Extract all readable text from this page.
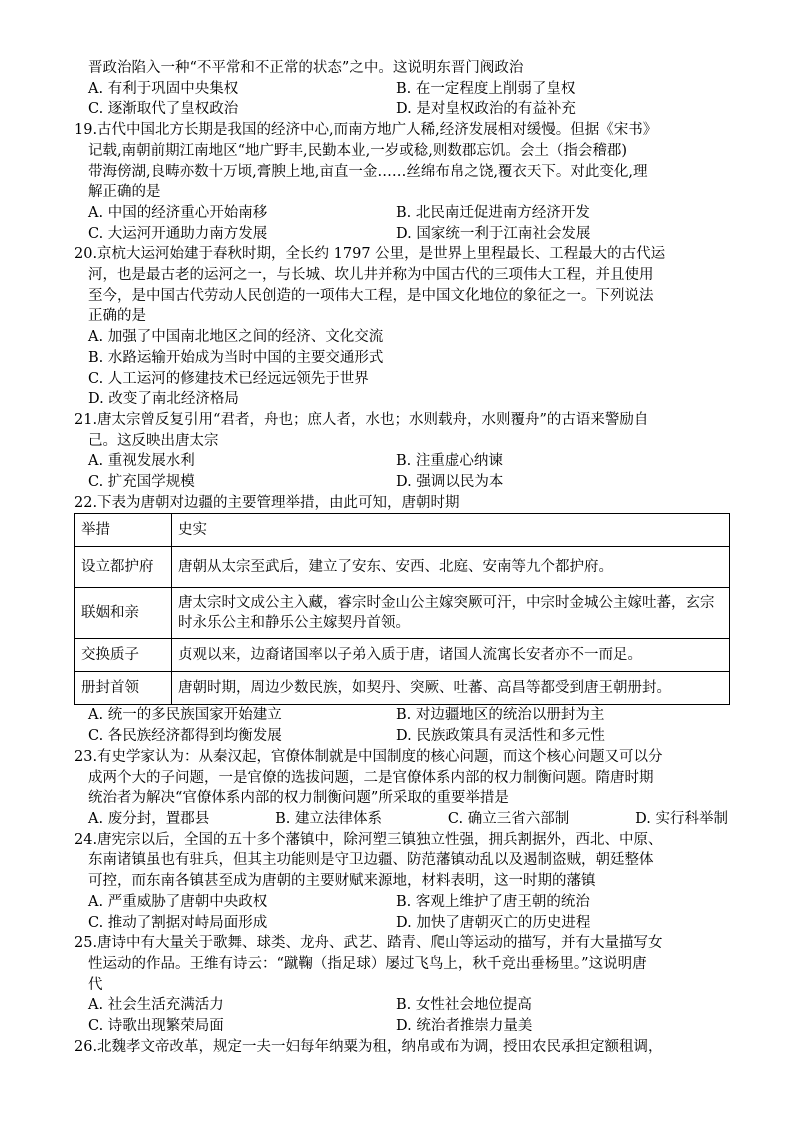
晋政治陷入一种“不平常和不正常的状态”之中。这说明东晋门阀政治
A. 有利于巩固中央集权	B. 在一定程度上削弱了皇权
C. 逐渐取代了皇权政治	D. 是对皇权政治的有益补充
19.古代中国北方长期是我国的经济中心,而南方地广人稀,经济发展相对缓慢。但据《宋书》
记载,南朝前期江南地区“地广野丰,民勤本业,一岁或稔,则数郡忘饥。会土（指会稽郡)
带海傍湖,良畴亦数十万顷,膏腴上地,亩直一金……丝绵布帛之饶,覆衣天下。对此变化,理
解正确的是
A. 中国的经济重心开始南移	B. 北民南迁促进南方经济开发
C. 大运河开通助力南方发展	D. 国家统一利于江南社会发展
20.京杭大运河始建于春秋时期，全长约 1797 公里，是世界上里程最长、工程最大的古代运
河，也是最古老的运河之一，与长城、坎儿井并称为中国古代的三项伟大工程，并且使用
至今，是中国古代劳动人民创造的一项伟大工程，是中国文化地位的象征之一。下列说法
正确的是
A. 加强了中国南北地区之间的经济、文化交流
B. 水路运输开始成为当时中国的主要交通形式
C. 人工运河的修建技术已经远远领先于世界
D. 改变了南北经济格局
21.唐太宗曾反复引用“君者，舟也；庶人者，水也；水则载舟，水则覆舟”的古语来警励自
己。这反映出唐太宗
A. 重视发展水利	B. 注重虚心纳谏
C. 扩充国学规模	D. 强调以民为本
22.下表为唐朝对边疆的主要管理举措，由此可知，唐朝时期
举措	史实
设立都护府	唐朝从太宗至武后，建立了安东、安西、北庭、安南等九个都护府。
联姻和亲	唐太宗时文成公主入藏，睿宗时金山公主嫁突厥可汗，中宗时金城公主嫁吐蕃，玄宗时永乐公主和静乐公主嫁契丹首领。
交换质子	贞观以来，边裔诸国率以子弟入质于唐，诸国人流寓长安者亦不一而足。
册封首领	唐朝时期，周边少数民族，如契丹、突厥、吐蕃、高昌等都受到唐王朝册封。
A. 统一的多民族国家开始建立	B. 对边疆地区的统治以册封为主
C. 各民族经济都得到均衡发展	D. 民族政策具有灵活性和多元性
23.有史学家认为：从秦汉起，官僚体制就是中国制度的核心问题，而这个核心问题又可以分
成两个大的子问题，一是官僚的选拔问题，二是官僚体系内部的权力制衡问题。隋唐时期
统治者为解决“官僚体系内部的权力制衡问题”所采取的重要举措是
A. 废分封，置郡县	B. 建立法律体系	C. 确立三省六部制	D. 实行科举制
24.唐宪宗以后，全国的五十多个藩镇中，除河塑三镇独立性强，拥兵割据外，西北、中原、
东南诸镇虽也有驻兵，但其主功能则是守卫边疆、防范藩镇动乱以及遏制盗贼，朝廷整体
可控，而东南各镇甚至成为唐朝的主要财赋来源地，材料表明，这一时期的藩镇
A. 严重威胁了唐朝中央政权	B. 客观上维护了唐王朝的统治
C. 推动了割据对峙局面形成	D. 加快了唐朝灭亡的历史进程
25.唐诗中有大量关于歌舞、球类、龙舟、武艺、踏青、爬山等运动的描写，并有大量描写女
性运动的作品。王维有诗云：“蹴鞠（指足球）屡过飞鸟上，秋千竞出垂杨里。”这说明唐
代
A. 社会生活充满活力	B. 女性社会地位提高
C. 诗歌出现繁荣局面	D. 统治者推崇力量美
26.北魏孝文帝改革，规定一夫一妇每年纳粟为租，纳帛或布为调，授田农民承担定额租调，
